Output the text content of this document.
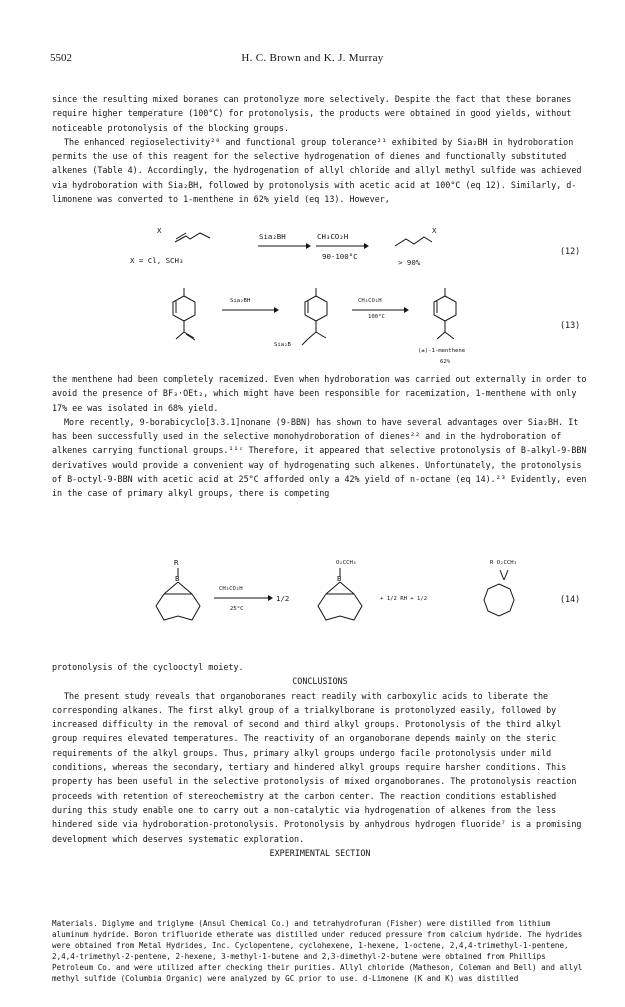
5502	H. C. Brown and K. J. Murray

since the resulting mixed boranes can protonolyze more selectively. Despite the fact that these boranes require higher temperature (100°C) for protonolysis, the products were obtained in good yields, without noticeable protonolysis of the blocking groups.

The enhanced regioselectivity²⁰ and functional group tolerance²¹ exhibited by Sia₂BH in hydroboration permits the use of this reagent for the selective hydrogenation of dienes and functionally substituted alkenes (Table 4). Accordingly, the hydrogenation of allyl chloride and allyl methyl sulfide was achieved via hydroboration with Sia₂BH, followed by protonolysis with acetic acid at 100°C (eq 12). Similarly, d-limonene was converted to 1-menthene in 62% yield (eq 13). However,

X
Sia₂BH	CH₃CO₂H
90-100°C
X
X = Cl, SCH₃	> 90%
(12)
Sia₂BH	CH₃CO₂H
100°C
Sia₂B
(±)-1-menthene
62%
(13)

the menthene had been completely racemized. Even when hydroboration was carried out externally in order to avoid the presence of BF₃·OEt₂, which might have been responsible for racemization, 1-menthene with only 17% ee was isolated in 68% yield.

More recently, 9-borabicyclo[3.3.1]nonane (9-BBN) has shown to have several advantages over Sia₂BH. It has been successfully used in the selective monohydroboration of dienes²² and in the hydroboration of alkenes carrying functional groups.¹¹ᶜ Therefore, it appeared that selective protonolysis of B-alkyl-9-BBN derivatives would provide a convenient way of hydrogenating such alkenes. Unfortunately, the protonolysis of B-octyl-9-BBN with acetic acid at 25°C afforded only a 42% yield of n-octane (eq 14).²³ Evidently, even in the case of primary alkyl groups, there is competing

R
B
CH₃CO₂H
25°C
1/2
O₂CCH₃
B
+ 1/2 RH + 1/2
R O₂CCH₃
(14)

protonolysis of the cyclooctyl moiety.

CONCLUSIONS

The present study reveals that organoboranes react readily with carboxylic acids to liberate the corresponding alkanes. The first alkyl group of a trialkylborane is protonolyzed easily, followed by increased difficulty in the removal of second and third alkyl groups. Protonolysis of the third alkyl group requires elevated temperatures. The reactivity of an organoborane depends mainly on the steric requirements of the alkyl groups. Thus, primary alkyl groups undergo facile protonolysis under mild conditions, whereas the secondary, tertiary and hindered alkyl groups require harsher conditions. This property has been useful in the selective protonolysis of mixed organoboranes. The protonolysis reaction proceeds with retention of stereochemistry at the carbon center. The reaction conditions established during this study enable one to carry out a non-catalytic via hydrogenation of alkenes from the less hindered side via hydroboration-protonolysis. Protonolysis by anhydrous hydrogen fluoride⁷ is a promising development which deserves systematic exploration.

EXPERIMENTAL SECTION

Materials. Diglyme and triglyme (Ansul Chemical Co.) and tetrahydrofuran (Fisher) were distilled from lithium aluminum hydride. Boron trifluoride etherate was distilled under reduced pressure from calcium hydride. The hydrides were obtained from Metal Hydrides, Inc. Cyclopentene, cyclohexene, 1-hexene, 1-octene, 2,4,4-trimethyl-1-pentene, 2,4,4-trimethyl-2-pentene, 2-hexene, 3-methyl-1-butene and 2,3-dimethyl-2-butene were obtained from Phillips Petroleum Co. and were utilized after checking their purities. Allyl chloride (Matheson, Coleman and Bell) and allyl methyl sulfide (Columbia Organic) were analyzed by GC prior to use. d-Limonene (K and K) was distilled
